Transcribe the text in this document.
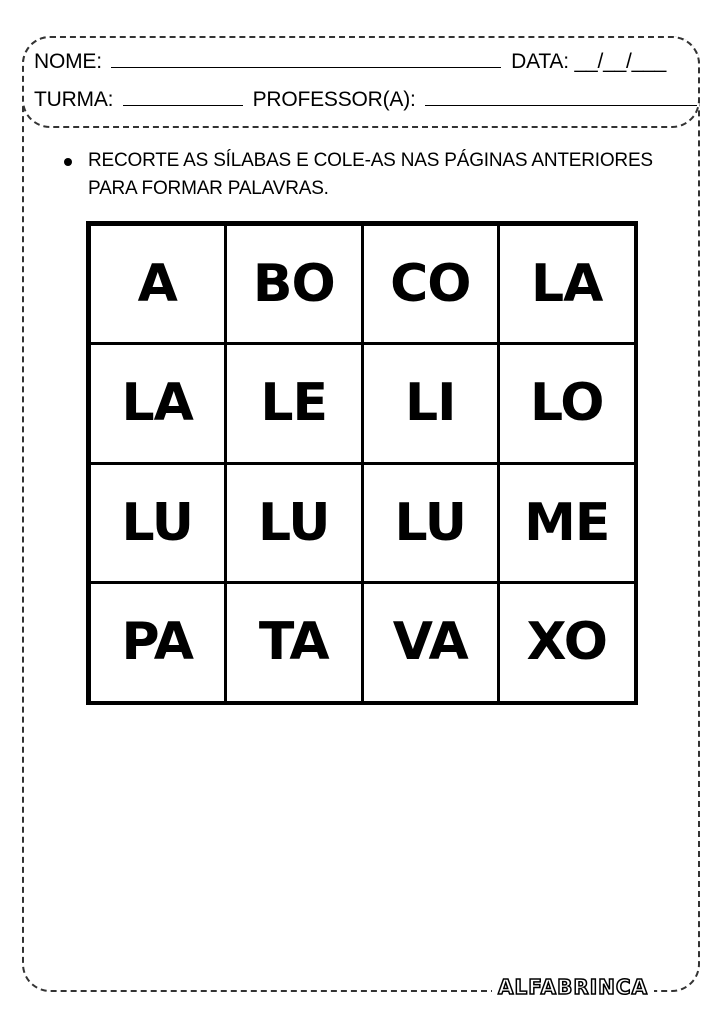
NOME:	DATA: __/__/___
TURMA:	PROFESSOR(A):
RECORTE AS SÍLABAS E COLE-AS NAS PÁGINAS ANTERIORES
PARA FORMAR PALAVRAS.
A	BO	CO	LA
LA	LE	LI	LO
LU	LU	LU	ME
PA	TA	VA	XO
ALFABRINCA
